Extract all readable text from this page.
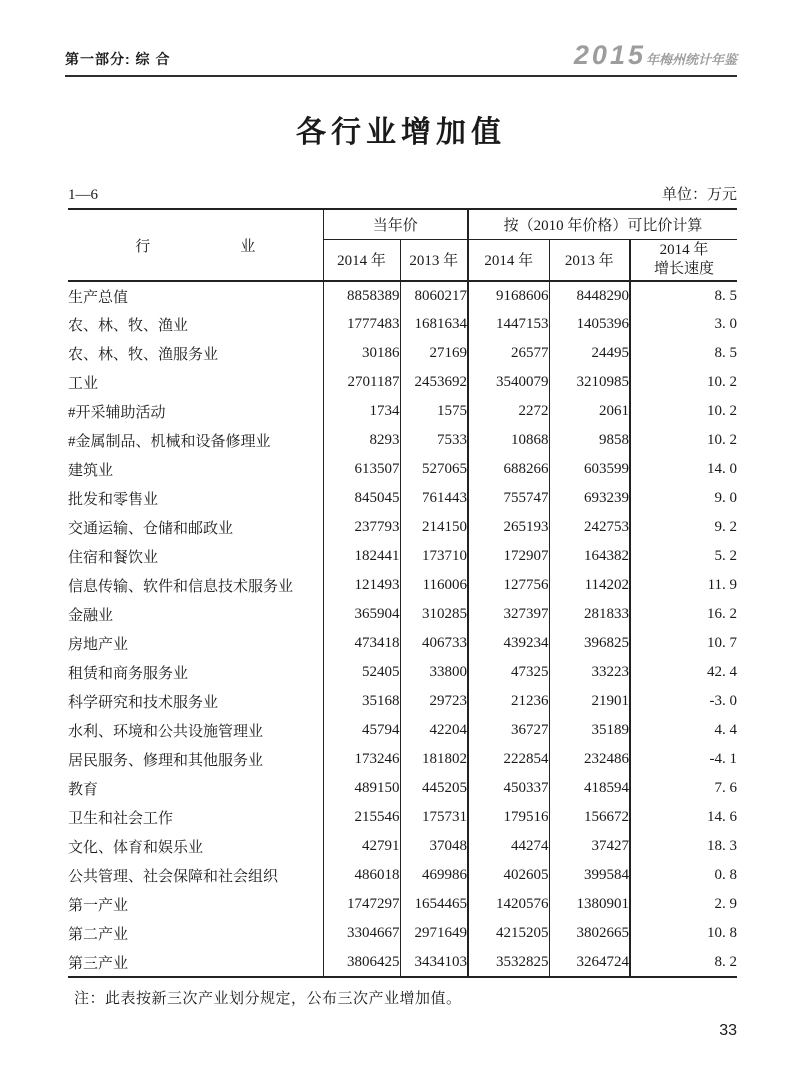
第一部分: 综 合	2015年梅州统计年鉴
各行业增加值
1—6	单位：万元
行　　　　　　业	当年价		按（2010 年价格）可比价计算		
	2014 年	2013 年	2014 年	2013 年	2014 年
增长速度

生产总值	8858389	8060217	9168606	8448290	8. 5
农、林、牧、渔业	1777483	1681634	1447153	1405396	3. 0
农、林、牧、渔服务业	30186	27169	26577	24495	8. 5
工业	2701187	2453692	3540079	3210985	10. 2
#开采辅助活动	1734	1575	2272	2061	10. 2
#金属制品、机械和设备修理业	8293	7533	10868	9858	10. 2
建筑业	613507	527065	688266	603599	14. 0
批发和零售业	845045	761443	755747	693239	9. 0
交通运输、仓储和邮政业	237793	214150	265193	242753	9. 2
住宿和餐饮业	182441	173710	172907	164382	5. 2
信息传输、软件和信息技术服务业	121493	116006	127756	114202	11. 9
金融业	365904	310285	327397	281833	16. 2
房地产业	473418	406733	439234	396825	10. 7
租赁和商务服务业	52405	33800	47325	33223	42. 4
科学研究和技术服务业	35168	29723	21236	21901	-3. 0
水利、环境和公共设施管理业	45794	42204	36727	35189	4. 4
居民服务、修理和其他服务业	173246	181802	222854	232486	-4. 1
教育	489150	445205	450337	418594	7. 6
卫生和社会工作	215546	175731	179516	156672	14. 6
文化、体育和娱乐业	42791	37048	44274	37427	18. 3
公共管理、社会保障和社会组织	486018	469986	402605	399584	0. 8
第一产业	1747297	1654465	1420576	1380901	2. 9
第二产业	3304667	2971649	4215205	3802665	10. 8
第三产业	3806425	3434103	3532825	3264724	8. 2
注：此表按新三次产业划分规定，公布三次产业增加值。
33
